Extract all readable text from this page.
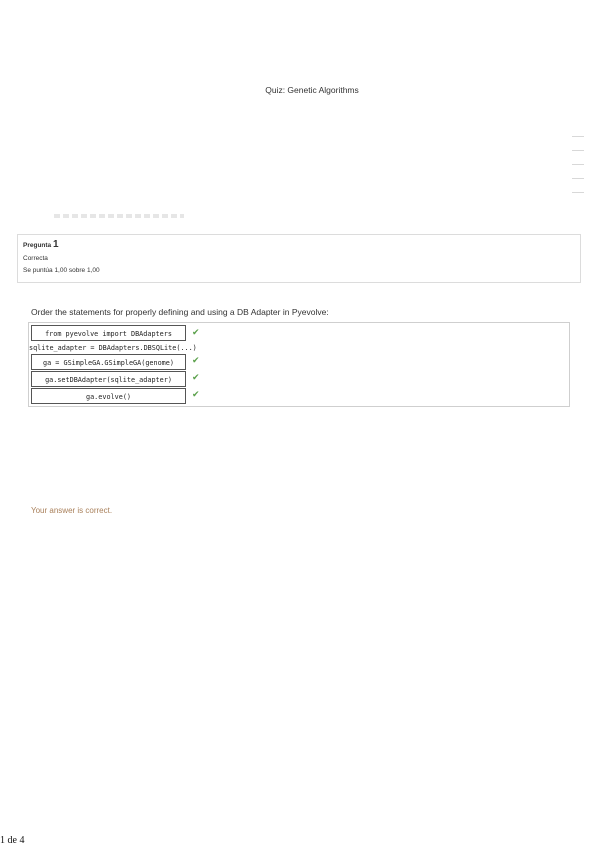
Quiz: Genetic Algorithms
Pregunta 1
Correcta
Se puntúa 1,00 sobre 1,00
Order the statements for properly defining and using a DB Adapter in Pyevolve:
from pyevolve import DBAdapters	✔
sqlite_adapter = DBAdapters.DBSQLite(...)
ga = GSimpleGA.GSimpleGA(genome)	✔
ga.setDBAdapter(sqlite_adapter)	✔
ga.evolve()	✔
Your answer is correct.
1 de 4
